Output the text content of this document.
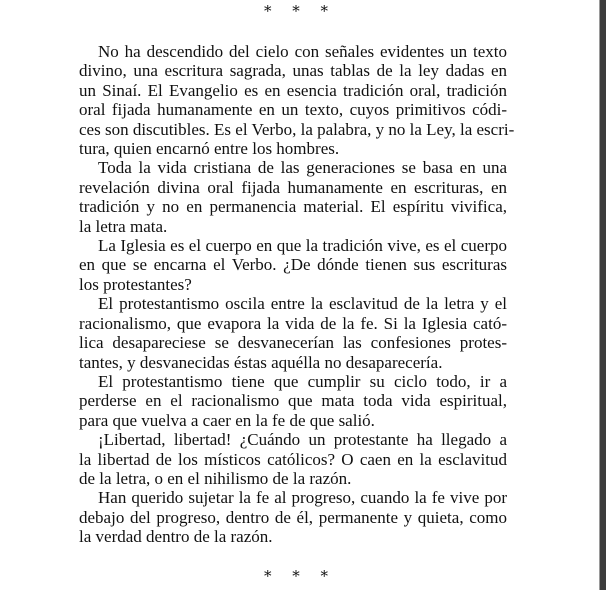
* * *

No ha descendido del cielo con señales evidentes un texto
divino, una escritura sagrada, unas tablas de la ley dadas en
un Sinaí. El Evangelio es en esencia tradición oral, tradición
oral fijada humanamente en un texto, cuyos primitivos códi-
ces son discutibles. Es el Verbo, la palabra, y no la Ley, la escri-
tura, quien encarnó entre los hombres.

Toda la vida cristiana de las generaciones se basa en una
revelación divina oral fijada humanamente en escrituras, en
tradición y no en permanencia material. El espíritu vivifica,
la letra mata.

La Iglesia es el cuerpo en que la tradición vive, es el cuerpo
en que se encarna el Verbo. ¿De dónde tienen sus escrituras
los protestantes?

El protestantismo oscila entre la esclavitud de la letra y el
racionalismo, que evapora la vida de la fe. Si la Iglesia cató-
lica desapareciese se desvanecerían las confesiones protes-
tantes, y desvanecidas éstas aquélla no desaparecería.

El protestantismo tiene que cumplir su ciclo todo, ir a
perderse en el racionalismo que mata toda vida espiritual,
para que vuelva a caer en la fe de que salió.

¡Libertad, libertad! ¿Cuándo un protestante ha llegado a
la libertad de los místicos católicos? O caen en la esclavitud
de la letra, o en el nihilismo de la razón.

Han querido sujetar la fe al progreso, cuando la fe vive por
debajo del progreso, dentro de él, permanente y quieta, como
la verdad dentro de la razón.

* * *
